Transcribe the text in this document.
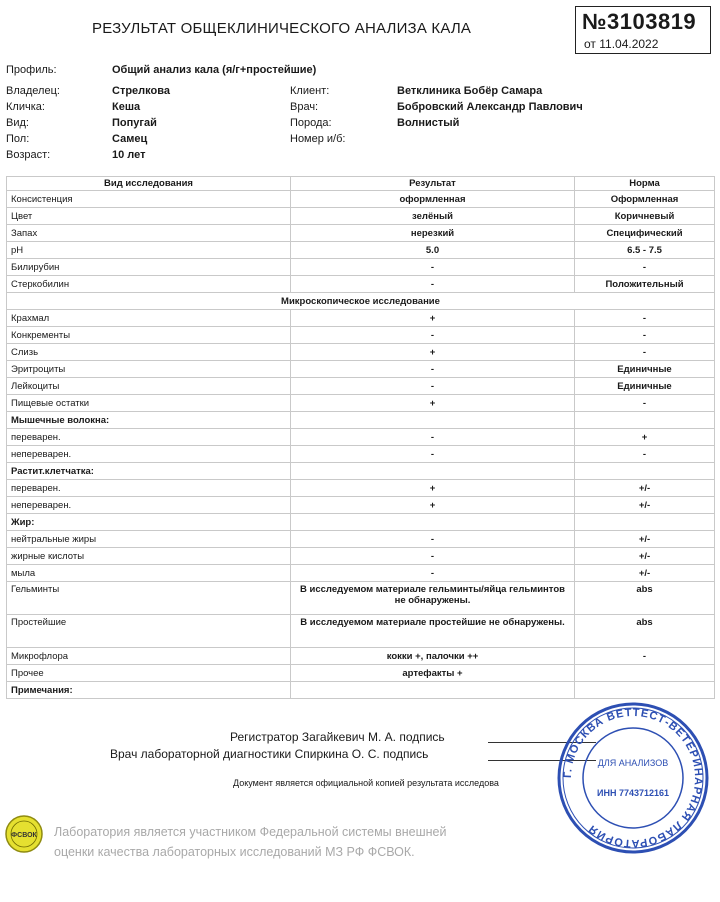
РЕЗУЛЬТАТ ОБЩЕКЛИНИЧЕСКОГО АНАЛИЗА КАЛА	№3103819
от 11.04.2022
Профиль:	Общий анализ кала (я/г+простейшие)
Владелец:	Стрелкова
Кличка:	Кеша
Вид:	Попугай
Пол:	Самец
Возраст:	10 лет
Клиент:	Ветклиника Бобёр Самара
Врач:	Бобровский Александр Павлович
Порода:	Волнистый
Номер и/б:
Вид исследования	Результат	Норма
Консистенция	оформленная	Оформленная
Цвет	зелёный	Коричневый
Запах	нерезкий	Специфический
pH	5.0	6.5 - 7.5
Билирубин	-	-
Стеркобилин	-	Положительный
Микроскопическое исследование		
Крахмал	+	-
Конкременты	-	-
Слизь	+	-
Эритроциты	-	Единичные
Лейкоциты	-	Единичные
Пищевые остатки	+	-
Мышечные волокна:		
переварен.	-	+
непереварен.	-	-
Растит.клетчатка:		
переварен.	+	+/-
непереварен.	+	+/-
Жир:		
нейтральные жиры	-	+/-
жирные кислоты	-	+/-
мыла	-	+/-
Гельминты	В исследуемом материале гельминты/яйца гельминтов не обнаружены.	abs
Простейшие	В исследуемом материале простейшие не обнаружены.	abs
Микрофлора	кокки +, палочки ++	-
Прочее	артефакты +	
Примечания:		
Регистратор Загайкевич М. А. подпись
Врач лабораторной диагностики Спиркина О. С. подпись
Документ является официальной копией результата исследова
ФСВОК Лаборатория является участником Федеральной системы внешней
оценки качества лабораторных исследований МЗ РФ ФСВОК.
Г. МОСКВА ВЕТТЕСТ-ВЕТЕРИНАРНАЯ ЛАБОРАТОРИЯ
ДЛЯ АНАЛИЗОВ
ИНН 7743712161
